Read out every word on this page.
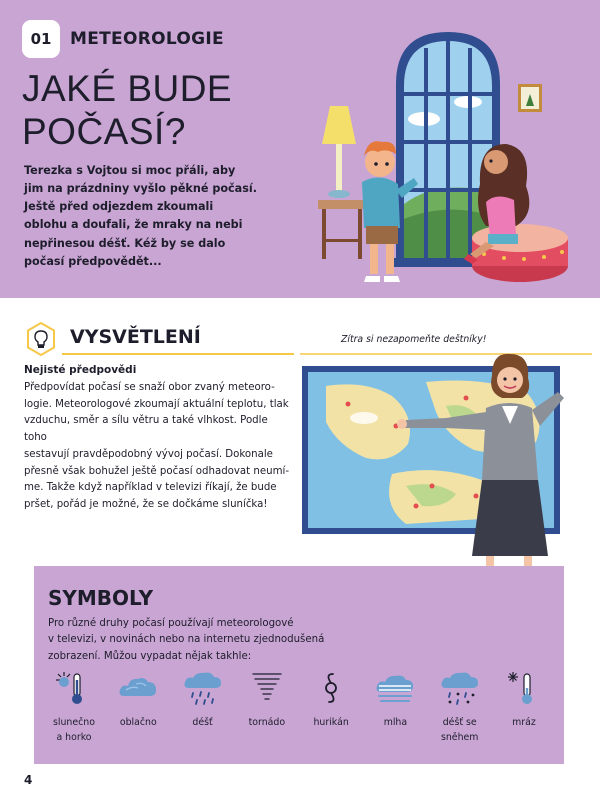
01	METEOROLOGIE
JAKÉ BUDE
POČASÍ?

Terezka s Vojtou si moc přáli, aby
jim na prázdniny vyšlo pěkné počasí.
Ještě před odjezdem zkoumali
oblohu a doufali, že mraky na nebi
nepřinesou déšť. Kéž by se dalo
počasí předpovědět...

VYSVĚTLENÍ
Nejisté předpovědi

Předpovídat počasí se snaží obor zvaný meteoro-
logie. Meteorologové zkoumají aktuální teplotu, tlak
vzduchu, směr a sílu větru a také vlhkost. Podle toho
sestavují pravděpodobný vývoj počasí. Dokonale
přesně však bohužel ještě počasí odhadovat neumí-
me. Takže když například v televizi říkají, že bude
pršet, pořád je možné, že se dočkáme sluníčka!

Zítra si nezapomeňte deštníky!
SYMBOLY

Pro různé druhy počasí používají meteorologové
v televizi, v novinách nebo na internetu zjednodušená
zobrazení. Můžou vypadat nějak takhle:

slunečno
a horko
oblačno	déšť	tornádo	hurikán	mlha	déšť se
sněhem
mráz

4
